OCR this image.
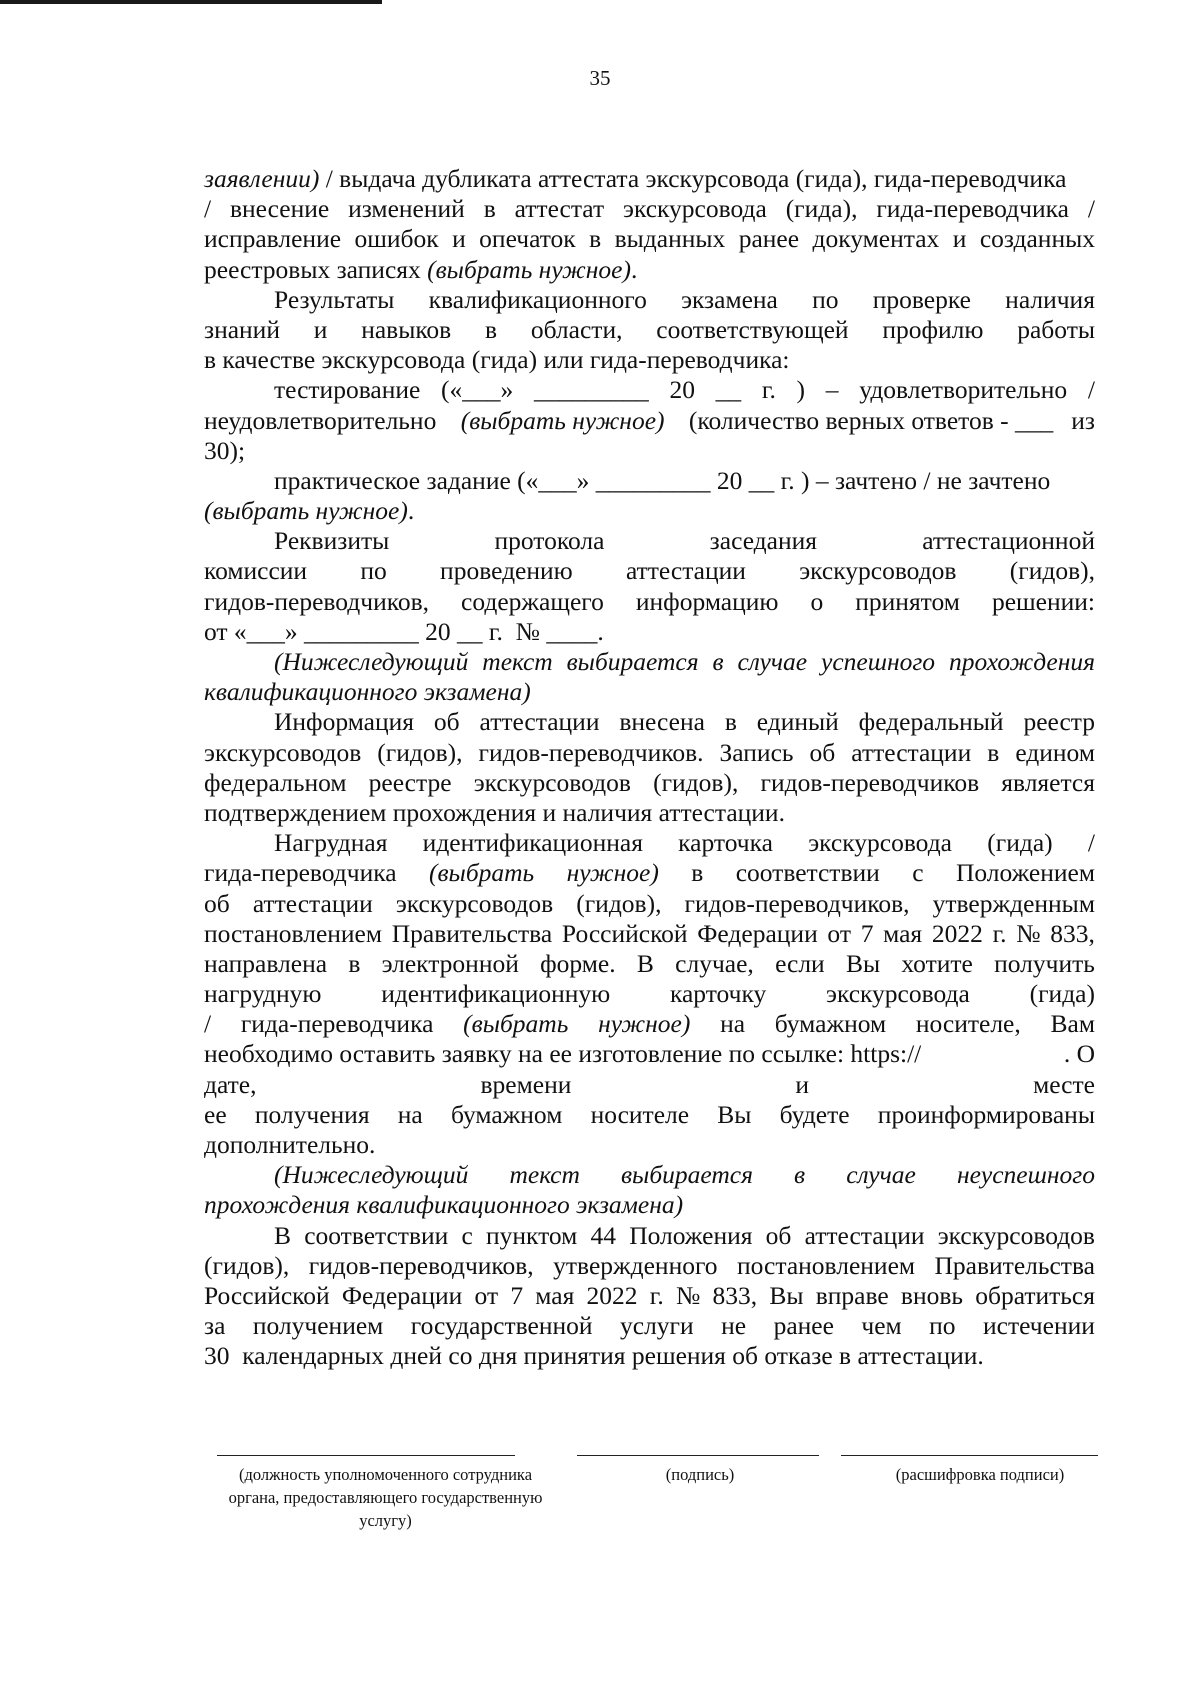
35
заявлении) / выдача дубликата аттестата экскурсовода (гида), гида-переводчика
/ внесение изменений в аттестат экскурсовода (гида), гида-переводчика /
исправление ошибок и опечаток в выданных ранее документах и созданных
реестровых записях (выбрать нужное) .
Результаты квалификационного экзамена по проверке наличия
знаний и навыков в области, соответствующей профилю работы
в качестве экскурсовода (гида) или гида-переводчика:
тестирование («___» _________ 20 __ г. ) – удовлетворительно /
неудовлетворительно (выбрать нужное) (количество верных ответов - ___ из
30);
практическое задание («___» _________ 20 __ г. ) – зачтено / не зачтено
(выбрать нужное) .
Реквизиты	протокола	заседания	аттестационной
комиссии по проведению аттестации экскурсоводов (гидов),
гидов-переводчиков, содержащего информацию о принятом решении:
от «___» _________ 20 __ г.  № ____.
(Нижеследующий текст выбирается в случае успешного прохождения
квалификационного экзамена)
Информация об аттестации внесена в единый федеральный реестр
экскурсоводов (гидов), гидов-переводчиков. Запись об аттестации в едином
федеральном реестре экскурсоводов (гидов), гидов-переводчиков является
подтверждением прохождения и наличия аттестации.
Нагрудная идентификационная карточка экскурсовода (гида) /
гида-переводчика (выбрать нужное) в соответствии с Положением
об аттестации экскурсоводов (гидов), гидов-переводчиков, утвержденным
постановлением Правительства Российской Федерации от 7 мая 2022 г. № 833,
направлена в электронной форме. В случае, если Вы хотите получить
нагрудную идентификационную карточку экскурсовода (гида)
/ гида-переводчика (выбрать нужное) на бумажном носителе, Вам
необходимо оставить заявку на ее изготовление по ссылке: https://	. О
дате,	времени	и	месте
ее получения на бумажном носителе Вы будете проинформированы
дополнительно.
(Нижеследующий текст выбирается в случае неуспешного
прохождения квалификационного экзамена)
В соответствии с пунктом 44 Положения об аттестации экскурсоводов
(гидов), гидов-переводчиков, утвержденного постановлением Правительства
Российской Федерации от 7 мая 2022 г. № 833, Вы вправе вновь обратиться
за получением государственной услуги не ранее чем по истечении
30  календарных дней со дня принятия решения об отказе в аттестации.
(должность уполномоченного сотрудника органа, предоставляющего государственную услугу)
(подпись)	(расшифровка подписи)
